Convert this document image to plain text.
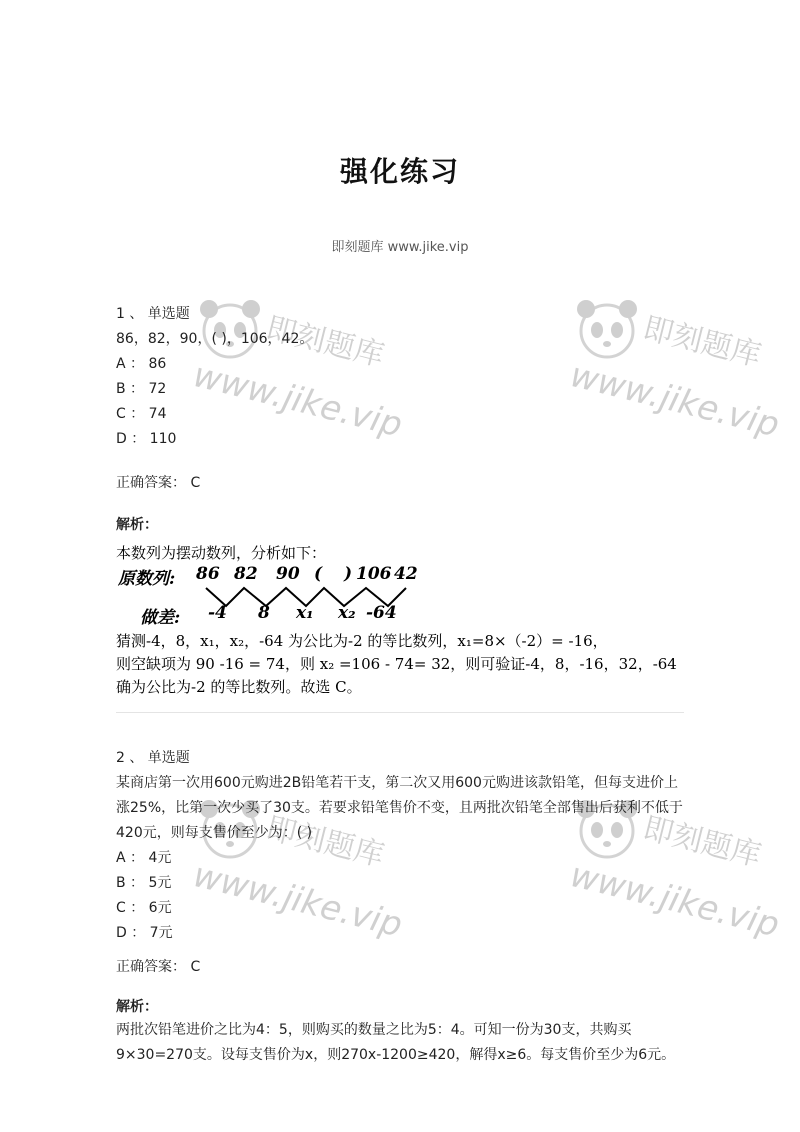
即刻题库
www.jike.vip
即刻题库
www.jike.vip
即刻题库
www.jike.vip
即刻题库
www.jike.vip
强化练习
即刻题库 www.jike.vip
1 、 单选题
86，82，90，( )，106，42。
A ： 86
B ： 72
C ： 74
D ： 110
正确答案： C
解析：
本数列为摆动数列，分析如下：
原数列: 86 82 90 ( ) 106 42
做差: -4 8 x₁ x₂ -64
猜测-4，8，x₁，x₂，-64 为公比为-2 的等比数列，x₁=8×（-2）= -16，
则空缺项为 90 -16 = 74，则 x₂ =106 - 74= 32，则可验证-4，8，-16，32，-64
确为公比为-2 的等比数列。故选 C。
2 、 单选题
某商店第一次用600元购进2B铅笔若干支，第二次又用600元购进该款铅笔，但每支进价上涨25%，比第一次少买了30支。若要求铅笔售价不变，且两批次铅笔全部售出后获利不低于420元，则每支售价至少为：( )
A ： 4元
B ： 5元
C ： 6元
D ： 7元
正确答案： C
解析：
两批次铅笔进价之比为4：5，则购买的数量之比为5：4。可知一份为30支，共购买9×30=270支。设每支售价为x，则270x-1200≥420，解得x≥6。每支售价至少为6元。
